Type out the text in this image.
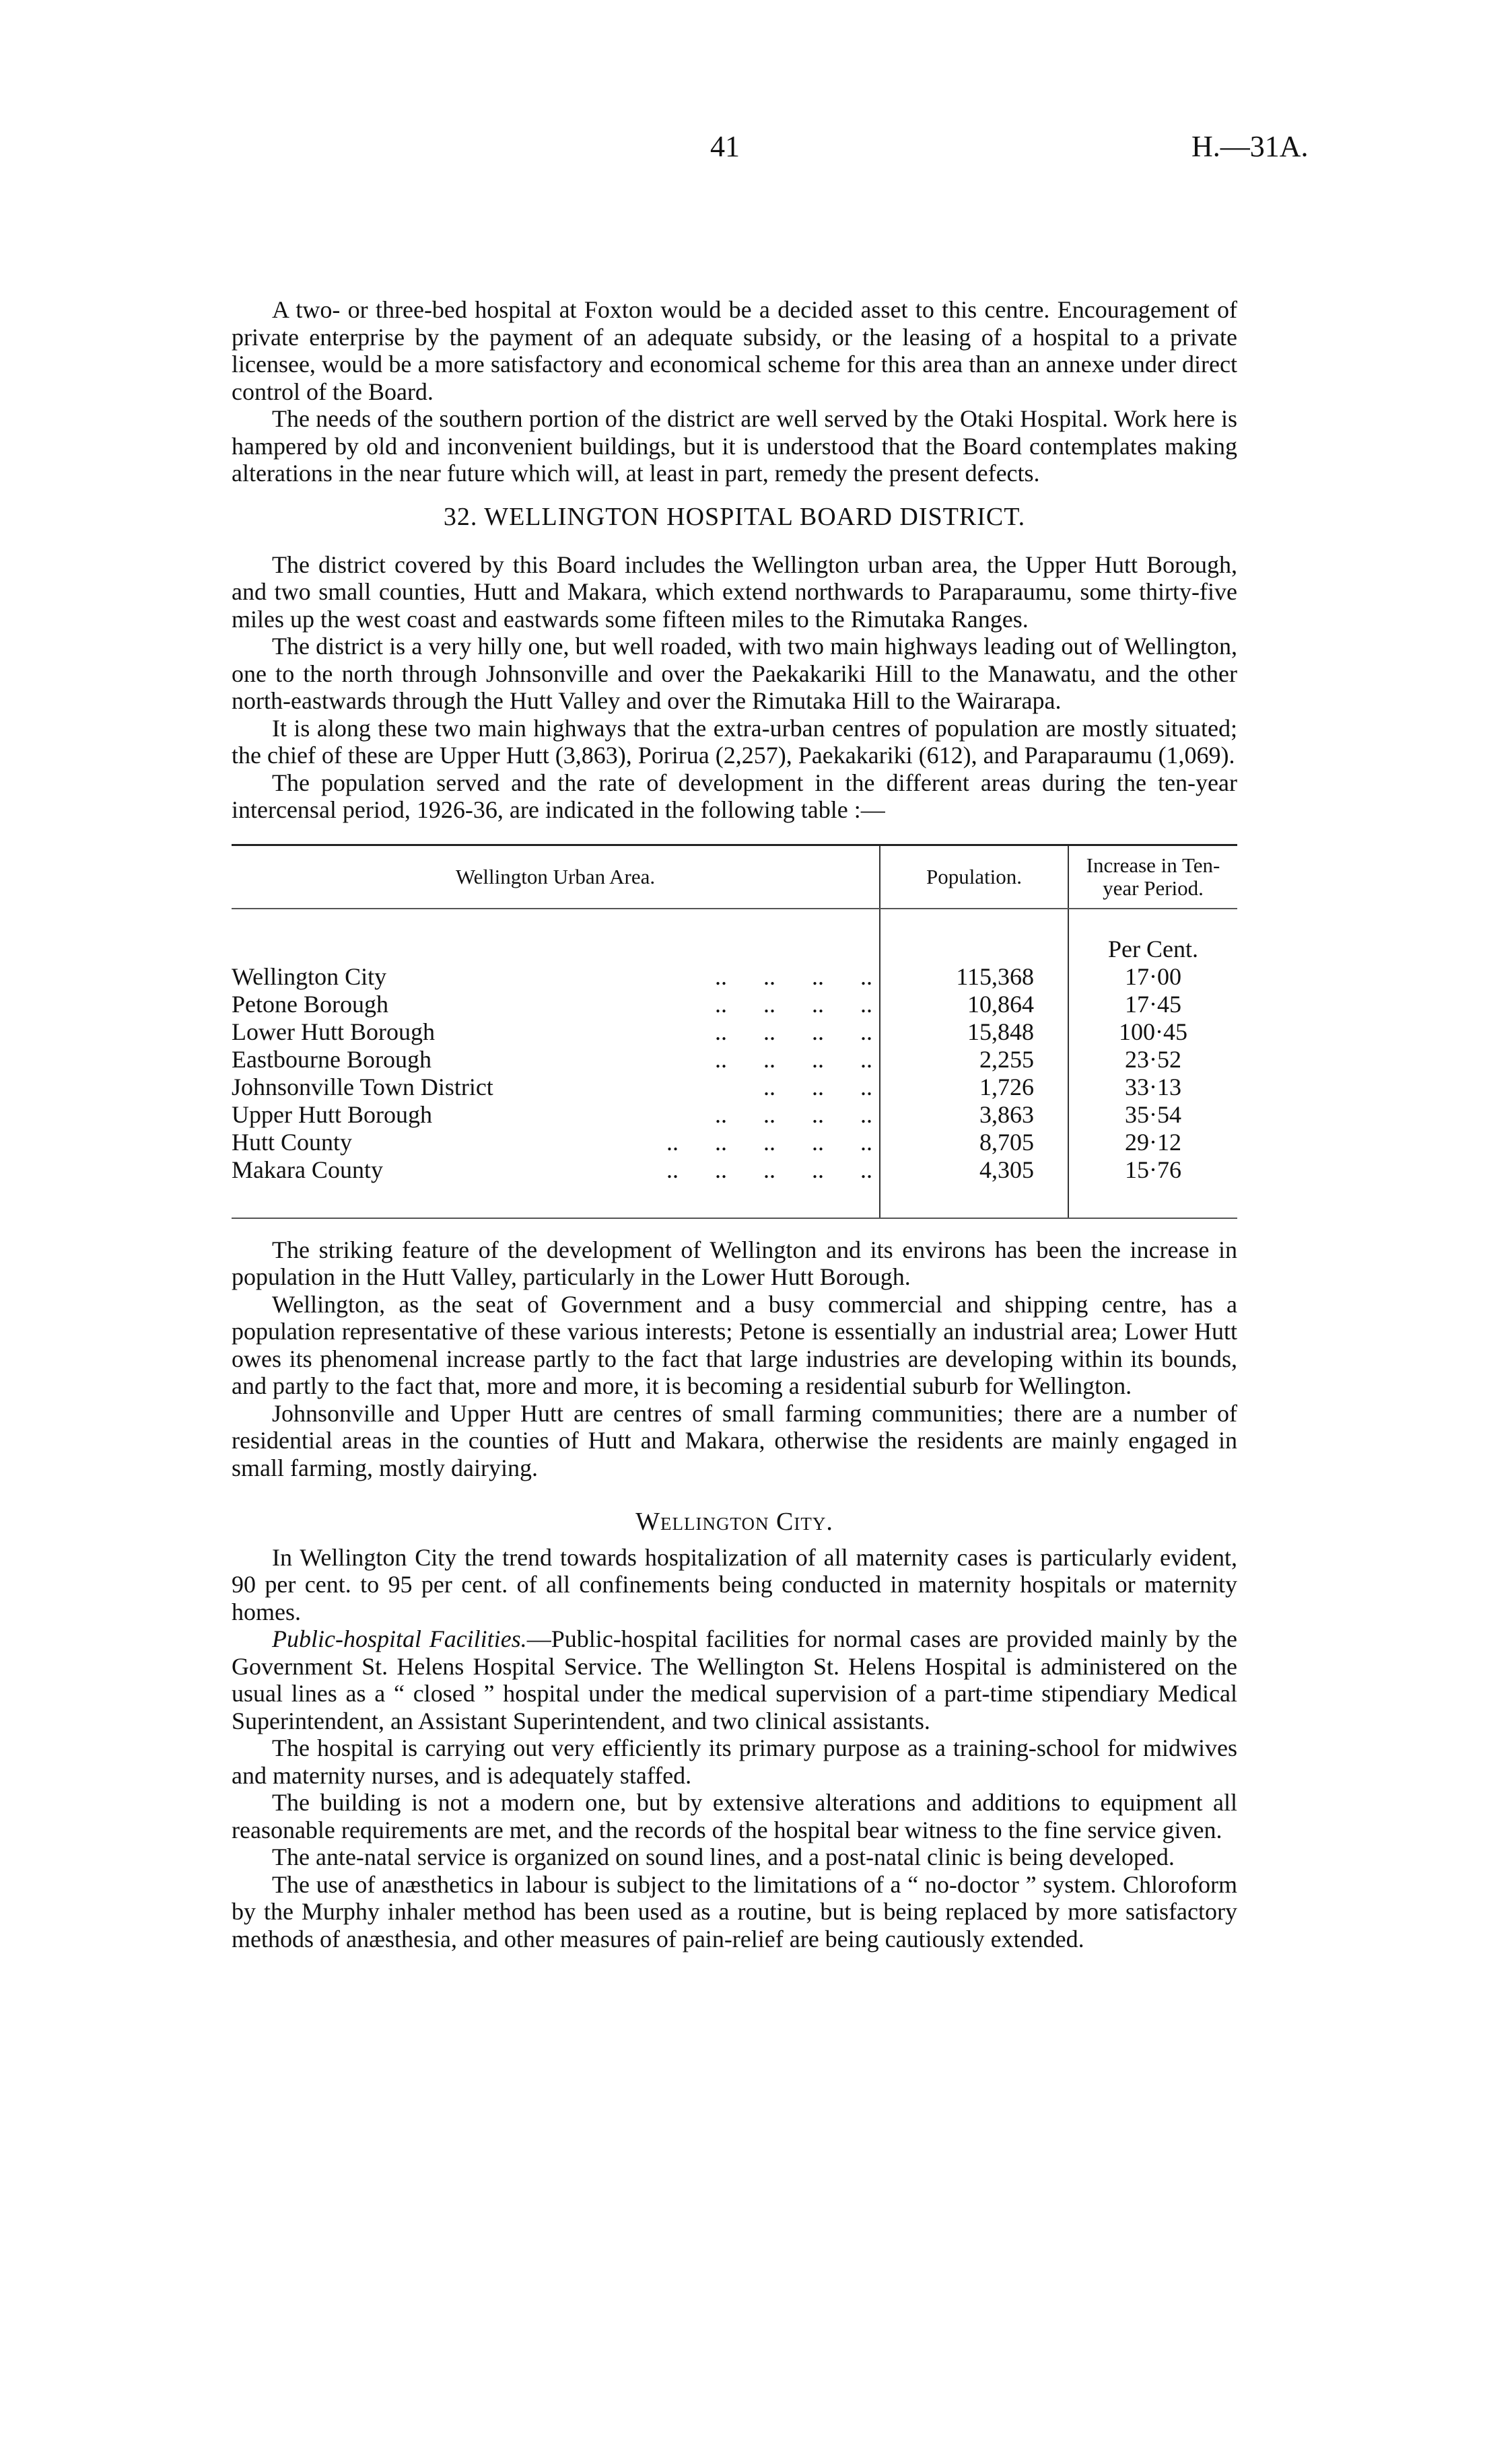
41	H.—31A.

A two- or three-bed hospital at Foxton would be a decided asset to this centre. Encouragement of private enterprise by the payment of an adequate subsidy, or the leasing of a hospital to a private licensee, would be a more satisfactory and economical scheme for this area than an annexe under direct control of the Board.

The needs of the southern portion of the district are well served by the Otaki Hospital. Work here is hampered by old and inconvenient buildings, but it is understood that the Board contemplates making alterations in the near future which will, at least in part, remedy the present defects.

32. WELLINGTON HOSPITAL BOARD DISTRICT.

The district covered by this Board includes the Wellington urban area, the Upper Hutt Borough, and two small counties, Hutt and Makara, which extend northwards to Paraparaumu, some thirty-five miles up the west coast and eastwards some fifteen miles to the Rimutaka Ranges.

The district is a very hilly one, but well roaded, with two main highways leading out of Wellington, one to the north through Johnsonville and over the Paekakariki Hill to the Manawatu, and the other north-eastwards through the Hutt Valley and over the Rimutaka Hill to the Wairarapa.

It is along these two main highways that the extra-urban centres of population are mostly situated; the chief of these are Upper Hutt (3,863), Porirua (2,257), Paekakariki (612), and Paraparaumu (1,069).

The population served and the rate of development in the different areas during the ten-year intercensal period, 1926-36, are indicated in the following table :—

Wellington Urban Area.	Population.	Increase in Ten-year Period.
		Per Cent.

Wellington City	..      ..      ..      ..	115,368	17·00

Petone Borough	..      ..      ..      ..	10,864	17·45

Lower Hutt Borough	..      ..      ..      ..	15,848	100·45

Eastbourne Borough	..      ..      ..      ..	2,255	23·52

Johnsonville Town District	..      ..      ..	1,726	33·13

Upper Hutt Borough	..      ..      ..      ..	3,863	35·54

Hutt County	..      ..      ..      ..      ..	8,705	29·12

Makara County	..      ..      ..      ..      ..	4,305	15·76

The striking feature of the development of Wellington and its environs has been the increase in population in the Hutt Valley, particularly in the Lower Hutt Borough.

Wellington, as the seat of Government and a busy commercial and shipping centre, has a population representative of these various interests; Petone is essentially an industrial area; Lower Hutt owes its phenomenal increase partly to the fact that large industries are developing within its bounds, and partly to the fact that, more and more, it is becoming a residential suburb for Wellington.

Johnsonville and Upper Hutt are centres of small farming communities; there are a number of residential areas in the counties of Hutt and Makara, otherwise the residents are mainly engaged in small farming, mostly dairying.

Wellington City.

In Wellington City the trend towards hospitalization of all maternity cases is particularly evident, 90 per cent. to 95 per cent. of all confinements being conducted in maternity hospitals or maternity homes.

Public-hospital Facilities.—Public-hospital facilities for normal cases are provided mainly by the Government St. Helens Hospital Service. The Wellington St. Helens Hospital is administered on the usual lines as a “ closed ” hospital under the medical supervision of a part-time stipendiary Medical Superintendent, an Assistant Superintendent, and two clinical assistants.

The hospital is carrying out very efficiently its primary purpose as a training-school for midwives and maternity nurses, and is adequately staffed.

The building is not a modern one, but by extensive alterations and additions to equipment all reasonable requirements are met, and the records of the hospital bear witness to the fine service given.

The ante-natal service is organized on sound lines, and a post-natal clinic is being developed.

The use of anæsthetics in labour is subject to the limitations of a “ no-doctor ” system. Chloroform by the Murphy inhaler method has been used as a routine, but is being replaced by more satisfactory methods of anæsthesia, and other measures of pain-relief are being cautiously extended.
